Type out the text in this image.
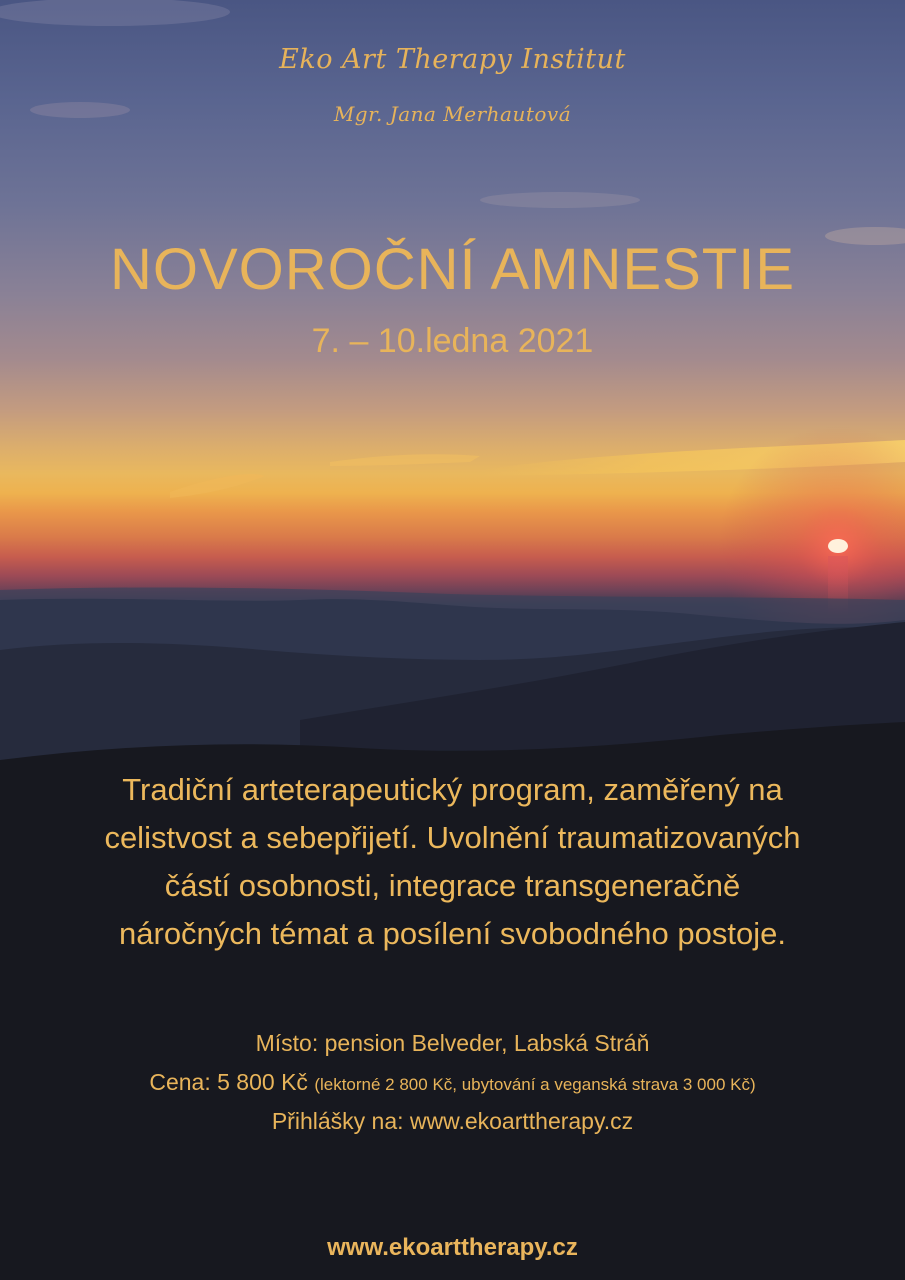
Eko Art Therapy Institut
Mgr. Jana Merhautová
NOVOROČNÍ AMNESTIE
7. – 10.ledna 2021
Tradiční arteterapeutický program, zaměřený na
celistvost a sebepřijetí. Uvolnění traumatizovaných
částí osobnosti, integrace transgeneračně
náročných témat a posílení svobodného postoje.
Místo: pension Belveder, Labská Stráň
Cena: 5 800 Kč (lektorné 2 800 Kč, ubytování a veganská strava 3 000 Kč)
Přihlášky na: www.ekoarttherapy.cz
www.ekoarttherapy.cz
